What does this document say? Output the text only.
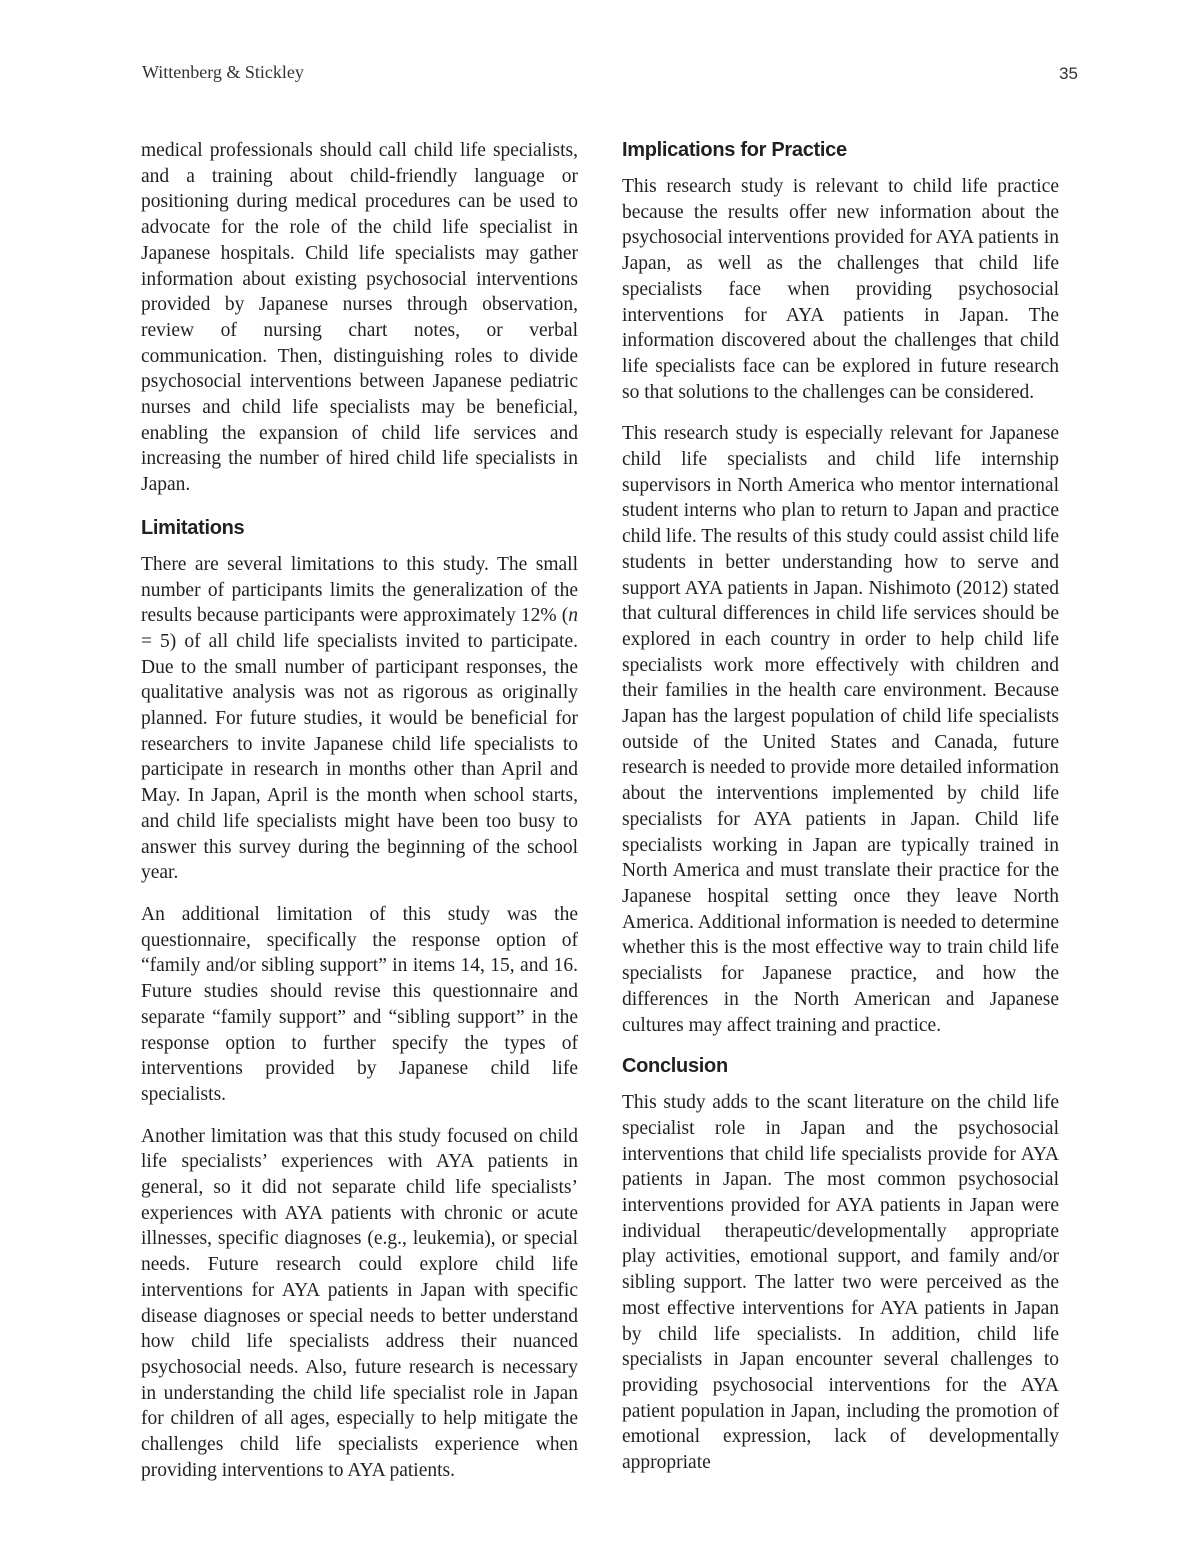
Wittenberg & Stickley	35

medical professionals should call child life specialists, and a training about child-friendly language or positioning during medical procedures can be used to advocate for the role of the child life specialist in Japanese hospitals. Child life specialists may gather information about existing psychosocial interventions provided by Japanese nurses through observation, review of nursing chart notes, or verbal communication. Then, distinguishing roles to divide psychosocial interventions between Japanese pediatric nurses and child life specialists may be beneficial, enabling the expansion of child life services and increasing the number of hired child life specialists in Japan.

Limitations

There are several limitations to this study. The small number of participants limits the generalization of the results because participants were approximately 12% (n = 5) of all child life specialists invited to participate. Due to the small number of participant responses, the qualitative analysis was not as rigorous as originally planned. For future studies, it would be beneficial for researchers to invite Japanese child life specialists to participate in research in months other than April and May. In Japan, April is the month when school starts, and child life specialists might have been too busy to answer this survey during the beginning of the school year.

An additional limitation of this study was the questionnaire, specifically the response option of “family and/or sibling support” in items 14, 15, and 16. Future studies should revise this questionnaire and separate “family support” and “sibling support” in the response option to further specify the types of interventions provided by Japanese child life specialists.

Another limitation was that this study focused on child life specialists’ experiences with AYA patients in general, so it did not separate child life specialists’ experiences with AYA patients with chronic or acute illnesses, specific diagnoses (e.g., leukemia), or special needs. Future research could explore child life interventions for AYA patients in Japan with specific disease diagnoses or special needs to better understand how child life specialists address their nuanced psychosocial needs. Also, future research is necessary in understanding the child life specialist role in Japan for children of all ages, especially to help mitigate the challenges child life specialists experience when providing interventions to AYA patients.

Implications for Practice

This research study is relevant to child life practice because the results offer new information about the psychosocial interventions provided for AYA patients in Japan, as well as the challenges that child life specialists face when providing psychosocial interventions for AYA patients in Japan. The information discovered about the challenges that child life specialists face can be explored in future research so that solutions to the challenges can be considered.

This research study is especially relevant for Japanese child life specialists and child life internship supervisors in North America who mentor international student interns who plan to return to Japan and practice child life. The results of this study could assist child life students in better understanding how to serve and support AYA patients in Japan. Nishimoto (2012) stated that cultural differences in child life services should be explored in each country in order to help child life specialists work more effectively with children and their families in the health care environment. Because Japan has the largest population of child life specialists outside of the United States and Canada, future research is needed to provide more detailed information about the interventions implemented by child life specialists for AYA patients in Japan. Child life specialists working in Japan are typically trained in North America and must translate their practice for the Japanese hospital setting once they leave North America. Additional information is needed to determine whether this is the most effective way to train child life specialists for Japanese practice, and how the differences in the North American and Japanese cultures may affect training and practice.

Conclusion

This study adds to the scant literature on the child life specialist role in Japan and the psychosocial interventions that child life specialists provide for AYA patients in Japan. The most common psychosocial interventions provided for AYA patients in Japan were individual therapeutic/developmentally appropriate play activities, emotional support, and family and/or sibling support. The latter two were perceived as the most effective interventions for AYA patients in Japan by child life specialists. In addition, child life specialists in Japan encounter several challenges to providing psychosocial interventions for the AYA patient population in Japan, including the promotion of emotional expression, lack of developmentally appropriate
